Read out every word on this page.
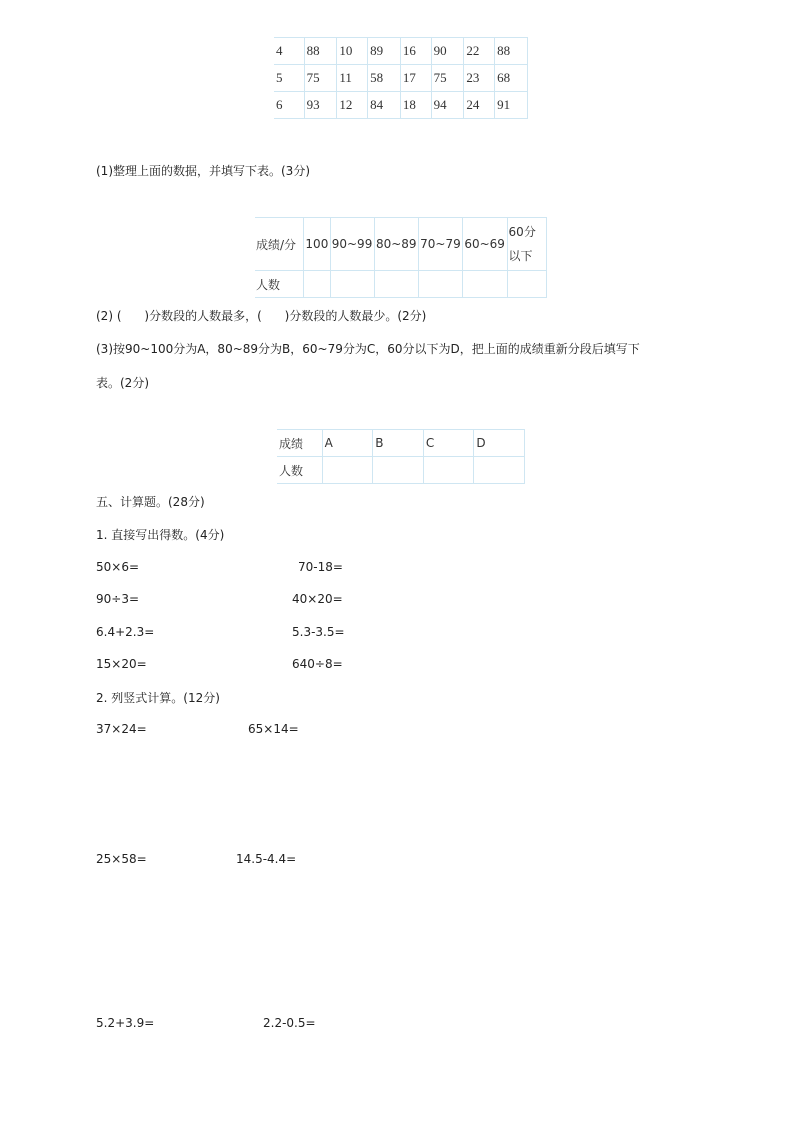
4	88	10	89	16	90	22	88
5	75	11	58	17	75	23	68
6	93	12	84	18	94	24	91
(1)整理上面的数据，并填写下表。(3分)
成绩/分	100	90~99	80~89	70~79	60~69	60分以下

人数						
(2) (      )分数段的人数最多，(      )分数段的人数最少。(2分)
(3)按90~100分为A，80~89分为B，60~79分为C，60分以下为D，把上面的成绩重新分段后填写下
表。(2分)
成绩	A	B	C	D
人数				
五、计算题。(28分)
1. 直接写出得数。(4分)
50×6=	70-18=
90÷3=	40×20=
6.4+2.3=	5.3-3.5=
15×20=	640÷8=
2. 列竖式计算。(12分)
37×24=	65×14=
25×58=	14.5-4.4=
5.2+3.9=	2.2-0.5=
